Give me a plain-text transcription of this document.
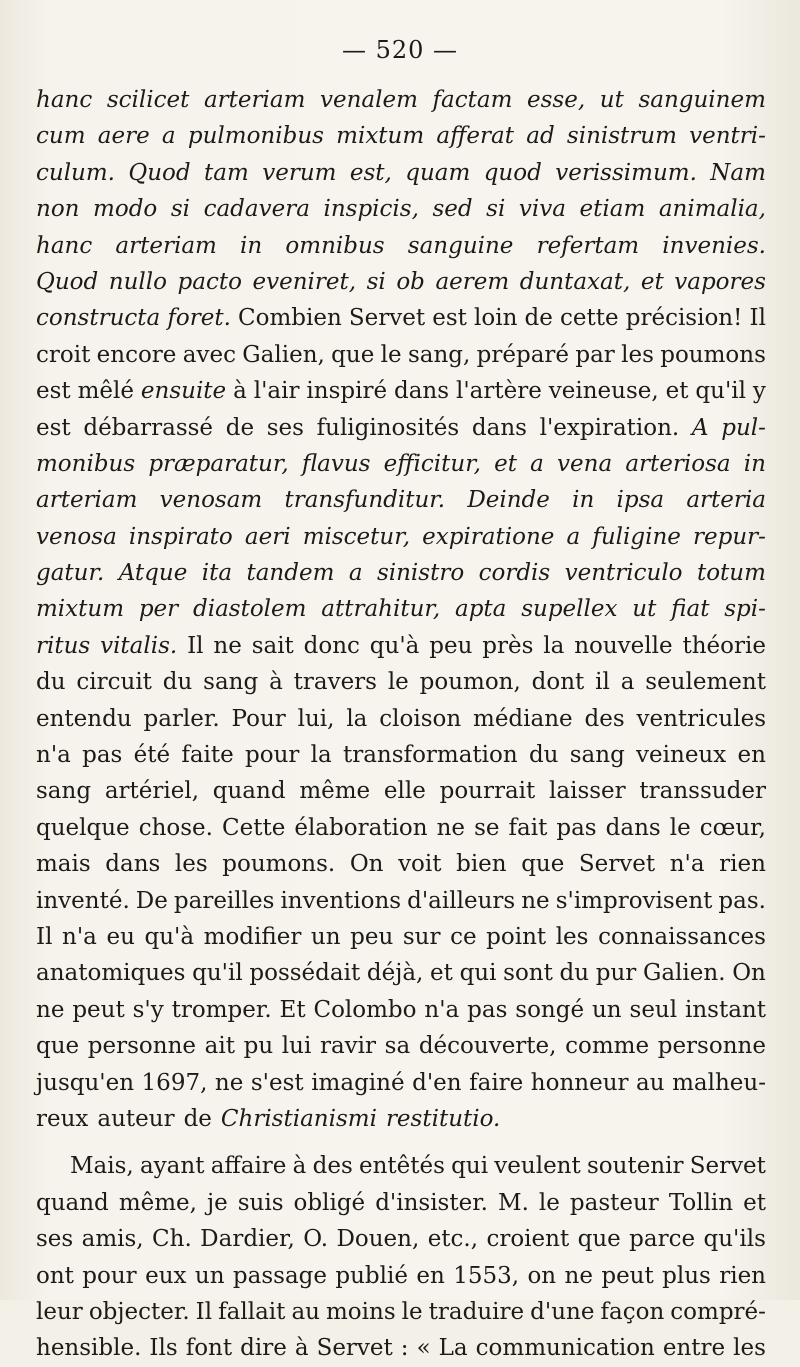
— 520 —
hanc scilicet arteriam venalem factam esse, ut sanguinem
cum aere a pulmonibus mixtum afferat ad sinistrum ventri-
culum. Quod tam verum est, quam quod verissimum. Nam
non modo si cadavera inspicis, sed si viva etiam animalia,
hanc arteriam in omnibus sanguine refertam invenies.
Quod nullo pacto eveniret, si ob aerem duntaxat, et vapores
constructa foret. Combien Servet est loin de cette précision! Il
croit encore avec Galien, que le sang, préparé par les poumons
est mêlé ensuite à l'air inspiré dans l'artère veineuse, et qu'il y
est débarrassé de ses fuliginosités dans l'expiration. A pul-
monibus præparatur, flavus efficitur, et a vena arteriosa in
arteriam venosam transfunditur. Deinde in ipsa arteria
venosa inspirato aeri miscetur, expiratione a fuligine repur-
gatur. Atque ita tandem a sinistro cordis ventriculo totum
mixtum per diastolem attrahitur, apta supellex ut fiat spi-
ritus vitalis. Il ne sait donc qu'à peu près la nouvelle théorie
du circuit du sang à travers le poumon, dont il a seulement
entendu parler. Pour lui, la cloison médiane des ventricules
n'a pas été faite pour la transformation du sang veineux en
sang artériel, quand même elle pourrait laisser transsuder
quelque chose. Cette élaboration ne se fait pas dans le cœur,
mais dans les poumons. On voit bien que Servet n'a rien
inventé. De pareilles inventions d'ailleurs ne s'improvisent pas.
Il n'a eu qu'à modifier un peu sur ce point les connaissances
anatomiques qu'il possédait déjà, et qui sont du pur Galien. On
ne peut s'y tromper. Et Colombo n'a pas songé un seul instant
que personne ait pu lui ravir sa découverte, comme personne
jusqu'en 1697, ne s'est imaginé d'en faire honneur au malheu-
reux auteur de Christianismi restitutio.
Mais, ayant affaire à des entêtés qui veulent soutenir Servet
quand même, je suis obligé d'insister. M. le pasteur Tollin et
ses amis, Ch. Dardier, O. Douen, etc., croient que parce qu'ils
ont pour eux un passage publié en 1553, on ne peut plus rien
leur objecter. Il fallait au moins le traduire d'une façon compré-
hensible. Ils font dire à Servet : « La communication entre les
